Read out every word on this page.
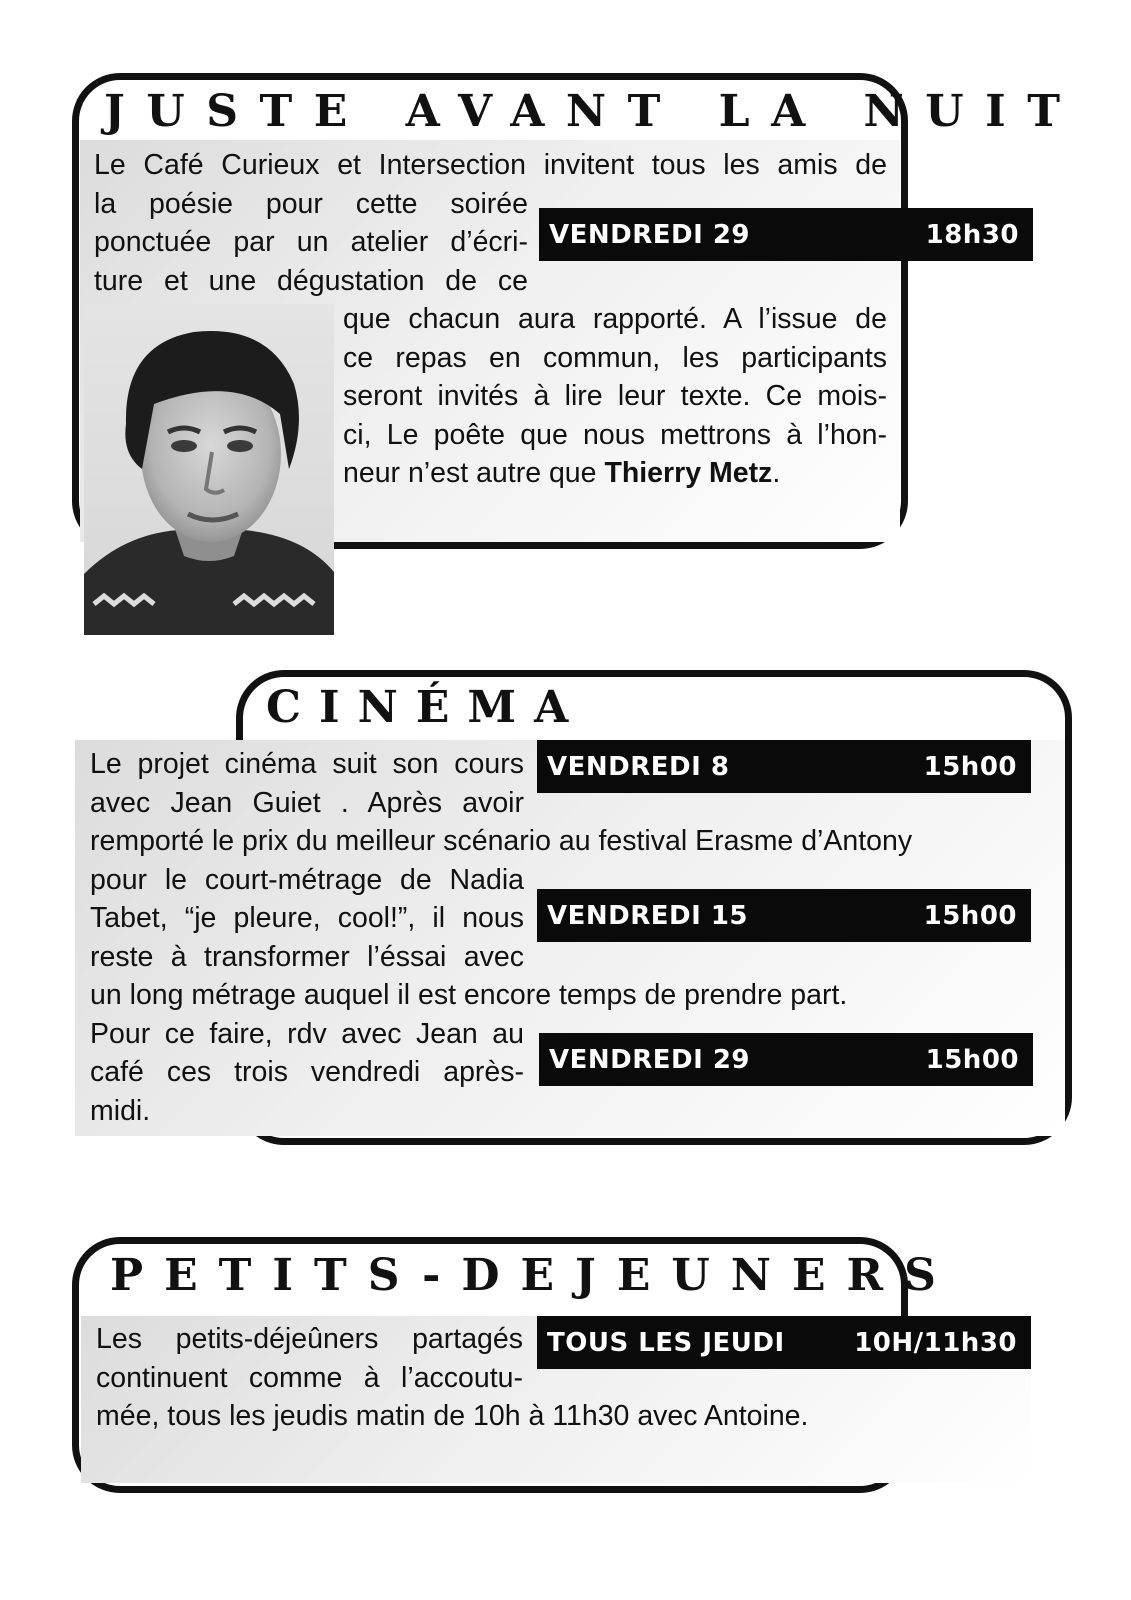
JUSTE AVANT LA NUIT
Le Café Curieux et Intersection invitent tous les amis de
la poésie pour cette soirée
ponctuée par un atelier d’écri-
ture et une dégustation de ce
que chacun aura rapporté. A l’issue de
ce repas en commun, les participants
seront invités à lire leur texte. Ce mois-
ci, Le poête que nous mettrons à l’hon-
neur n’est autre que Thierry Metz.
VENDREDI 29	18h30
CINÉMA
Le projet cinéma suit son cours
avec Jean Guiet . Après avoir
remporté le prix du meilleur scénario au festival Erasme d’Antony
pour le court-métrage de Nadia
Tabet, “je pleure, cool!”, il nous
reste à transformer l’éssai avec
un long métrage auquel il est encore temps de prendre part.
Pour ce faire, rdv avec Jean au
café ces trois vendredi après-
midi.
VENDREDI 8	15h00
VENDREDI 15	15h00
VENDREDI 29	15h00
PETITS-DEJEUNERS
Les petits-déjeûners partagés
continuent comme à l’accoutu-
mée, tous les jeudis matin de 10h à 11h30 avec Antoine.
TOUS LES JEUDI	10H/11h30
